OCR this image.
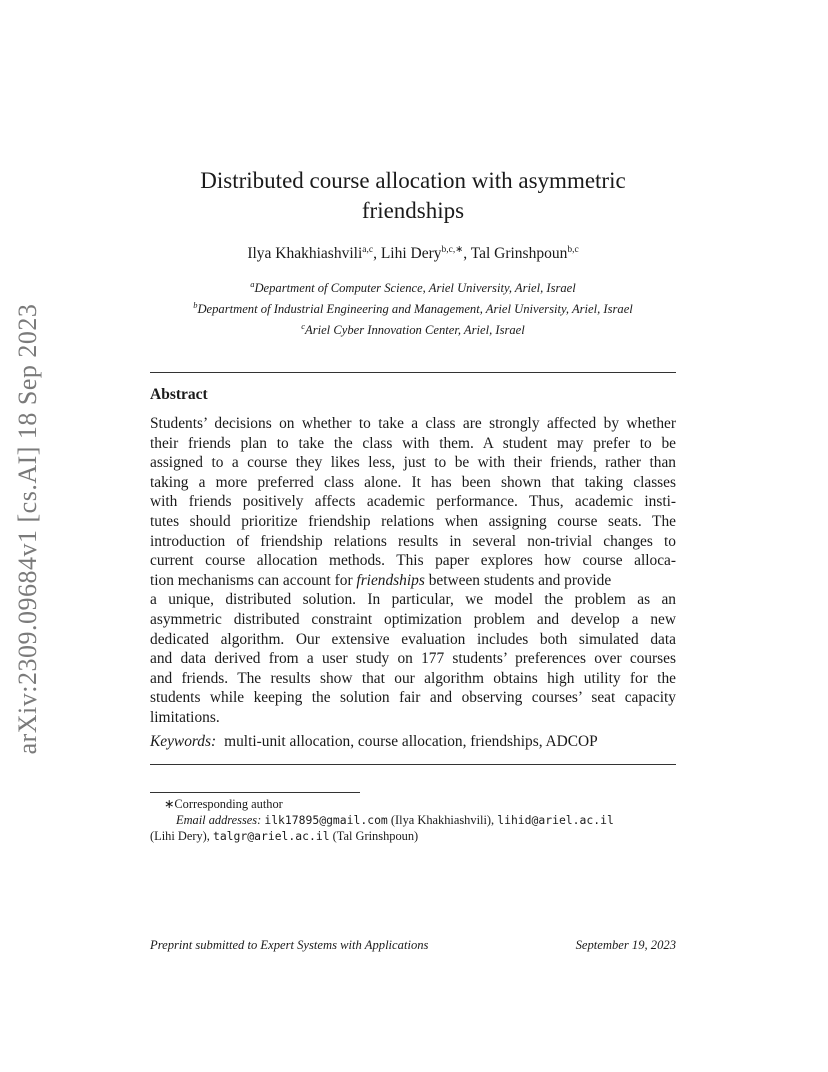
arXiv:2309.09684v1 [cs.AI] 18 Sep 2023
Distributed course allocation with asymmetric
friendships
Ilya Khakhiashvili$^{a,c}$, Lihi Dery$^{b,c,∗}$, Tal Grinshpoun$^{b,c}$
$^a$Department of Computer Science, Ariel University, Ariel, Israel
$^b$Department of Industrial Engineering and Management, Ariel University, Ariel, Israel
$^c$Ariel Cyber Innovation Center, Ariel, Israel
Abstract
Students’ decisions on whether to take a class are strongly affected by whether
their friends plan to take the class with them. A student may prefer to be
assigned to a course they likes less, just to be with their friends, rather than
taking a more preferred class alone. It has been shown that taking classes
with friends positively affects academic performance. Thus, academic insti-
tutes should prioritize friendship relations when assigning course seats. The
introduction of friendship relations results in several non-trivial changes to
current course allocation methods. This paper explores how course alloca-
tion mechanisms can account for friendships between students and provide
a unique, distributed solution. In particular, we model the problem as an
asymmetric distributed constraint optimization problem and develop a new
dedicated algorithm. Our extensive evaluation includes both simulated data
and data derived from a user study on 177 students’ preferences over courses
and friends. The results show that our algorithm obtains high utility for the
students while keeping the solution fair and observing courses’ seat capacity
limitations.
Keywords: multi-unit allocation, course allocation, friendships, ADCOP
∗Corresponding author
Email addresses: ilk17895@gmail.com (Ilya Khakhiashvili), lihid@ariel.ac.il
(Lihi Dery), talgr@ariel.ac.il (Tal Grinshpoun)
Preprint submitted to Expert Systems with Applications	September 19, 2023
